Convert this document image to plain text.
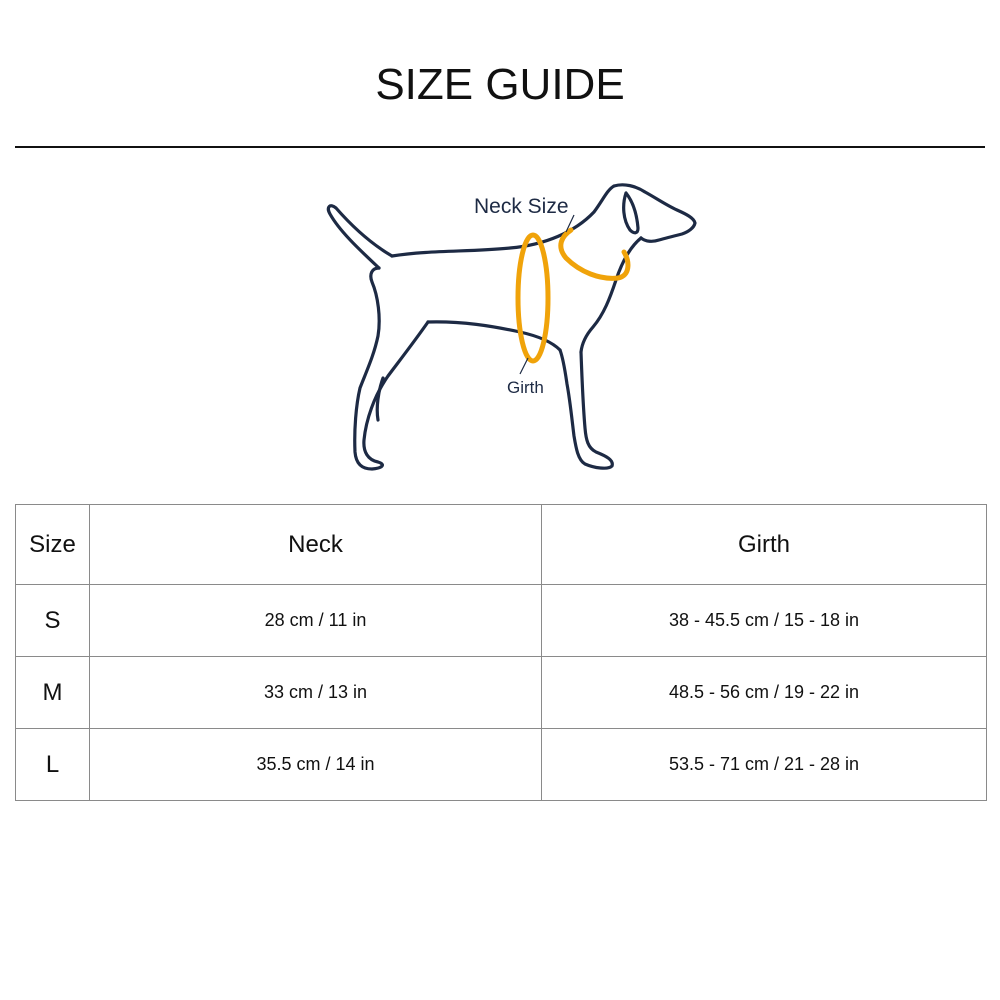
SIZE GUIDE
Neck Size
Girth
Size	Neck	Girth
S	28 cm / 11 in	38 - 45.5 cm / 15 - 18 in
M	33 cm / 13 in	48.5 - 56 cm / 19 - 22 in
L	35.5 cm / 14 in	53.5 - 71 cm / 21 - 28 in
